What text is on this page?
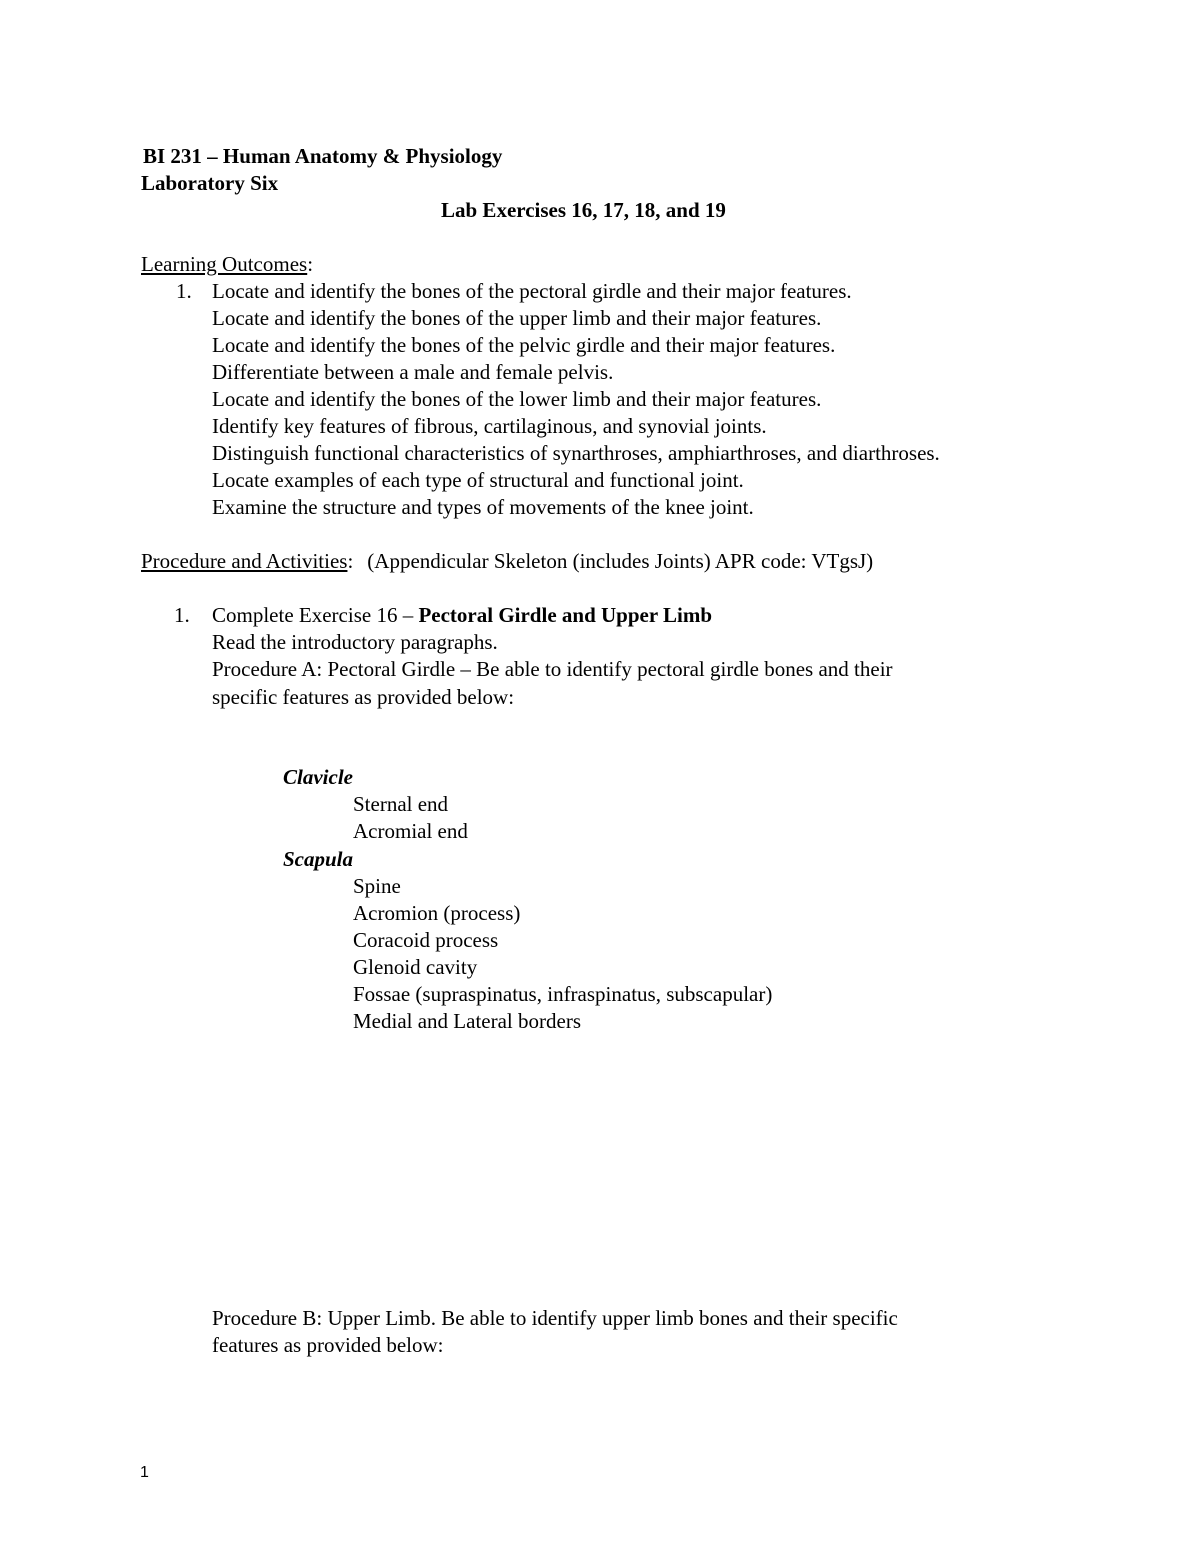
BI 231 – Human Anatomy & Physiology
Laboratory Six
Lab Exercises 16, 17, 18, and 19
Learning Outcomes:
1. Locate and identify the bones of the pectoral girdle and their major features.
Locate and identify the bones of the upper limb and their major features.
Locate and identify the bones of the pelvic girdle and their major features.
Differentiate between a male and female pelvis.
Locate and identify the bones of the lower limb and their major features.
Identify key features of fibrous, cartilaginous, and synovial joints.
Distinguish functional characteristics of synarthroses, amphiarthroses, and diarthroses.
Locate examples of each type of structural and functional joint.
Examine the structure and types of movements of the knee joint.
Procedure and Activities: (Appendicular Skeleton (includes Joints) APR code: VTgsJ)
1. Complete Exercise 16 – Pectoral Girdle and Upper Limb
Read the introductory paragraphs.
Procedure A: Pectoral Girdle – Be able to identify pectoral girdle bones and their
specific features as provided below:
Clavicle
Sternal end
Acromial end
Scapula
Spine
Acromion (process)
Coracoid process
Glenoid cavity
Fossae (supraspinatus, infraspinatus, subscapular)
Medial and Lateral borders
Procedure B: Upper Limb. Be able to identify upper limb bones and their specific
features as provided below:
1
